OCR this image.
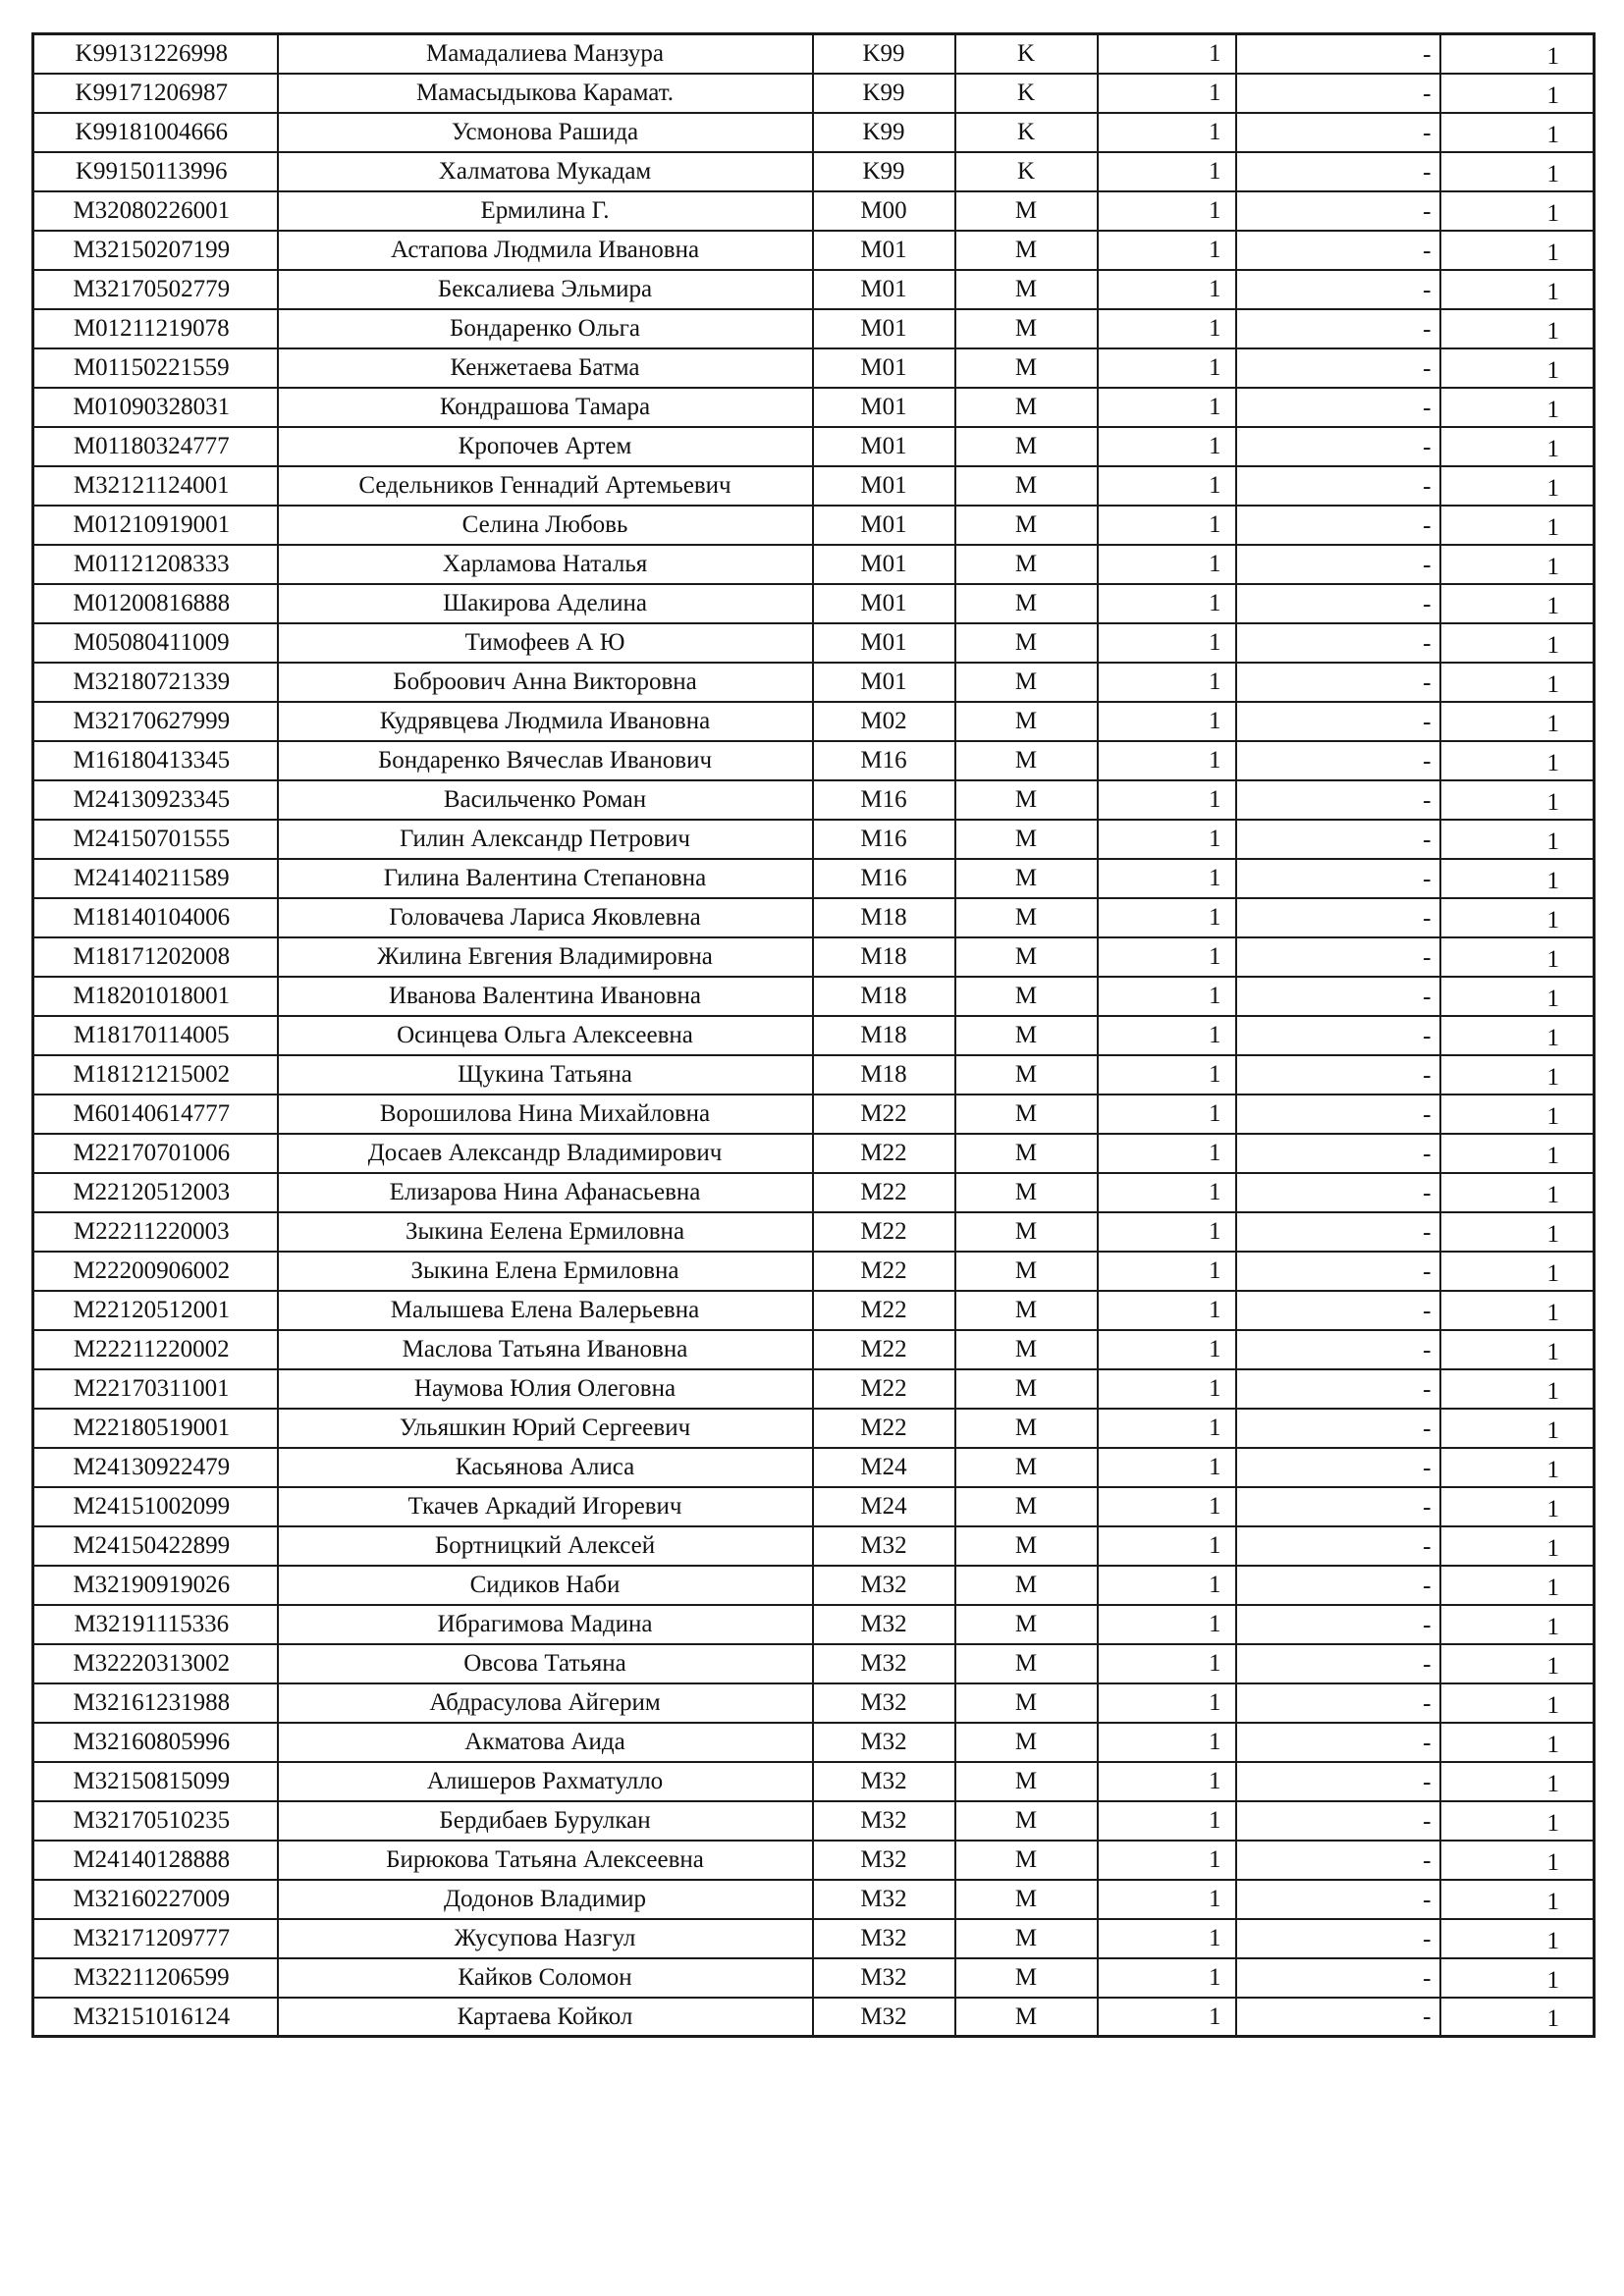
K99131226998	Мамадалиева Манзура	K99	K	1	-	1
K99171206987	Мамасыдыкова Карамат.	K99	K	1	-	1
K99181004666	Усмонова Рашида	K99	K	1	-	1
K99150113996	Халматова Мукадам	K99	K	1	-	1
M32080226001	Ермилина Г.	M00	M	1	-	1
M32150207199	Астапова Людмила Ивановна	M01	M	1	-	1
M32170502779	Бексалиева Эльмира	M01	M	1	-	1
M01211219078	Бондаренко Ольга	M01	M	1	-	1
M01150221559	Кенжетаева Батма	M01	M	1	-	1
M01090328031	Кондрашова Тамара	M01	M	1	-	1
M01180324777	Кропочев Артем	M01	M	1	-	1
M32121124001	Седельников Геннадий Артемьевич	M01	M	1	-	1
M01210919001	Селина Любовь	M01	M	1	-	1
M01121208333	Харламова Наталья	M01	M	1	-	1
M01200816888	Шакирова Аделина	M01	M	1	-	1
M05080411009	Тимофеев А Ю	M01	M	1	-	1
M32180721339	Боброович Анна Викторовна	M01	M	1	-	1
M32170627999	Кудрявцева Людмила Ивановна	M02	M	1	-	1
M16180413345	Бондаренко Вячеслав Иванович	M16	M	1	-	1
M24130923345	Васильченко Роман	M16	M	1	-	1
M24150701555	Гилин Александр Петрович	M16	M	1	-	1
M24140211589	Гилина Валентина Степановна	M16	M	1	-	1
M18140104006	Головачева Лариса Яковлевна	M18	M	1	-	1
M18171202008	Жилина Евгения Владимировна	M18	M	1	-	1
M18201018001	Иванова Валентина Ивановна	M18	M	1	-	1
M18170114005	Осинцева Ольга Алексеевна	M18	M	1	-	1
M18121215002	Щукина Татьяна	M18	M	1	-	1
M60140614777	Ворошилова Нина Михайловна	M22	M	1	-	1
M22170701006	Досаев Александр Владимирович	M22	M	1	-	1
M22120512003	Елизарова Нина Афанасьевна	M22	M	1	-	1
M22211220003	Зыкина Еелена Ермиловна	M22	M	1	-	1
M22200906002	Зыкина Елена Ермиловна	M22	M	1	-	1
M22120512001	Малышева Елена Валерьевна	M22	M	1	-	1
M22211220002	Маслова Татьяна Ивановна	M22	M	1	-	1
M22170311001	Наумова Юлия Олеговна	M22	M	1	-	1
M22180519001	Ульяшкин Юрий Сергеевич	M22	M	1	-	1
M24130922479	Касьянова Алиса	M24	M	1	-	1
M24151002099	Ткачев Аркадий Игоревич	M24	M	1	-	1
M24150422899	Бортницкий Алексей	M32	M	1	-	1
M32190919026	Сидиков Наби	M32	M	1	-	1
M32191115336	Ибрагимова Мадина	M32	M	1	-	1
M32220313002	Овсова Татьяна	M32	M	1	-	1
M32161231988	Абдрасулова Айгерим	M32	M	1	-	1
M32160805996	Акматова Аида	M32	M	1	-	1
M32150815099	Алишеров Рахматулло	M32	M	1	-	1
M32170510235	Бердибаев Бурулкан	M32	M	1	-	1
M24140128888	Бирюкова Татьяна Алексеевна	M32	M	1	-	1
M32160227009	Додонов Владимир	M32	M	1	-	1
M32171209777	Жусупова Назгул	M32	M	1	-	1
M32211206599	Кайков Соломон	M32	M	1	-	1
M32151016124	Картаева Койкол	M32	M	1	-	1
